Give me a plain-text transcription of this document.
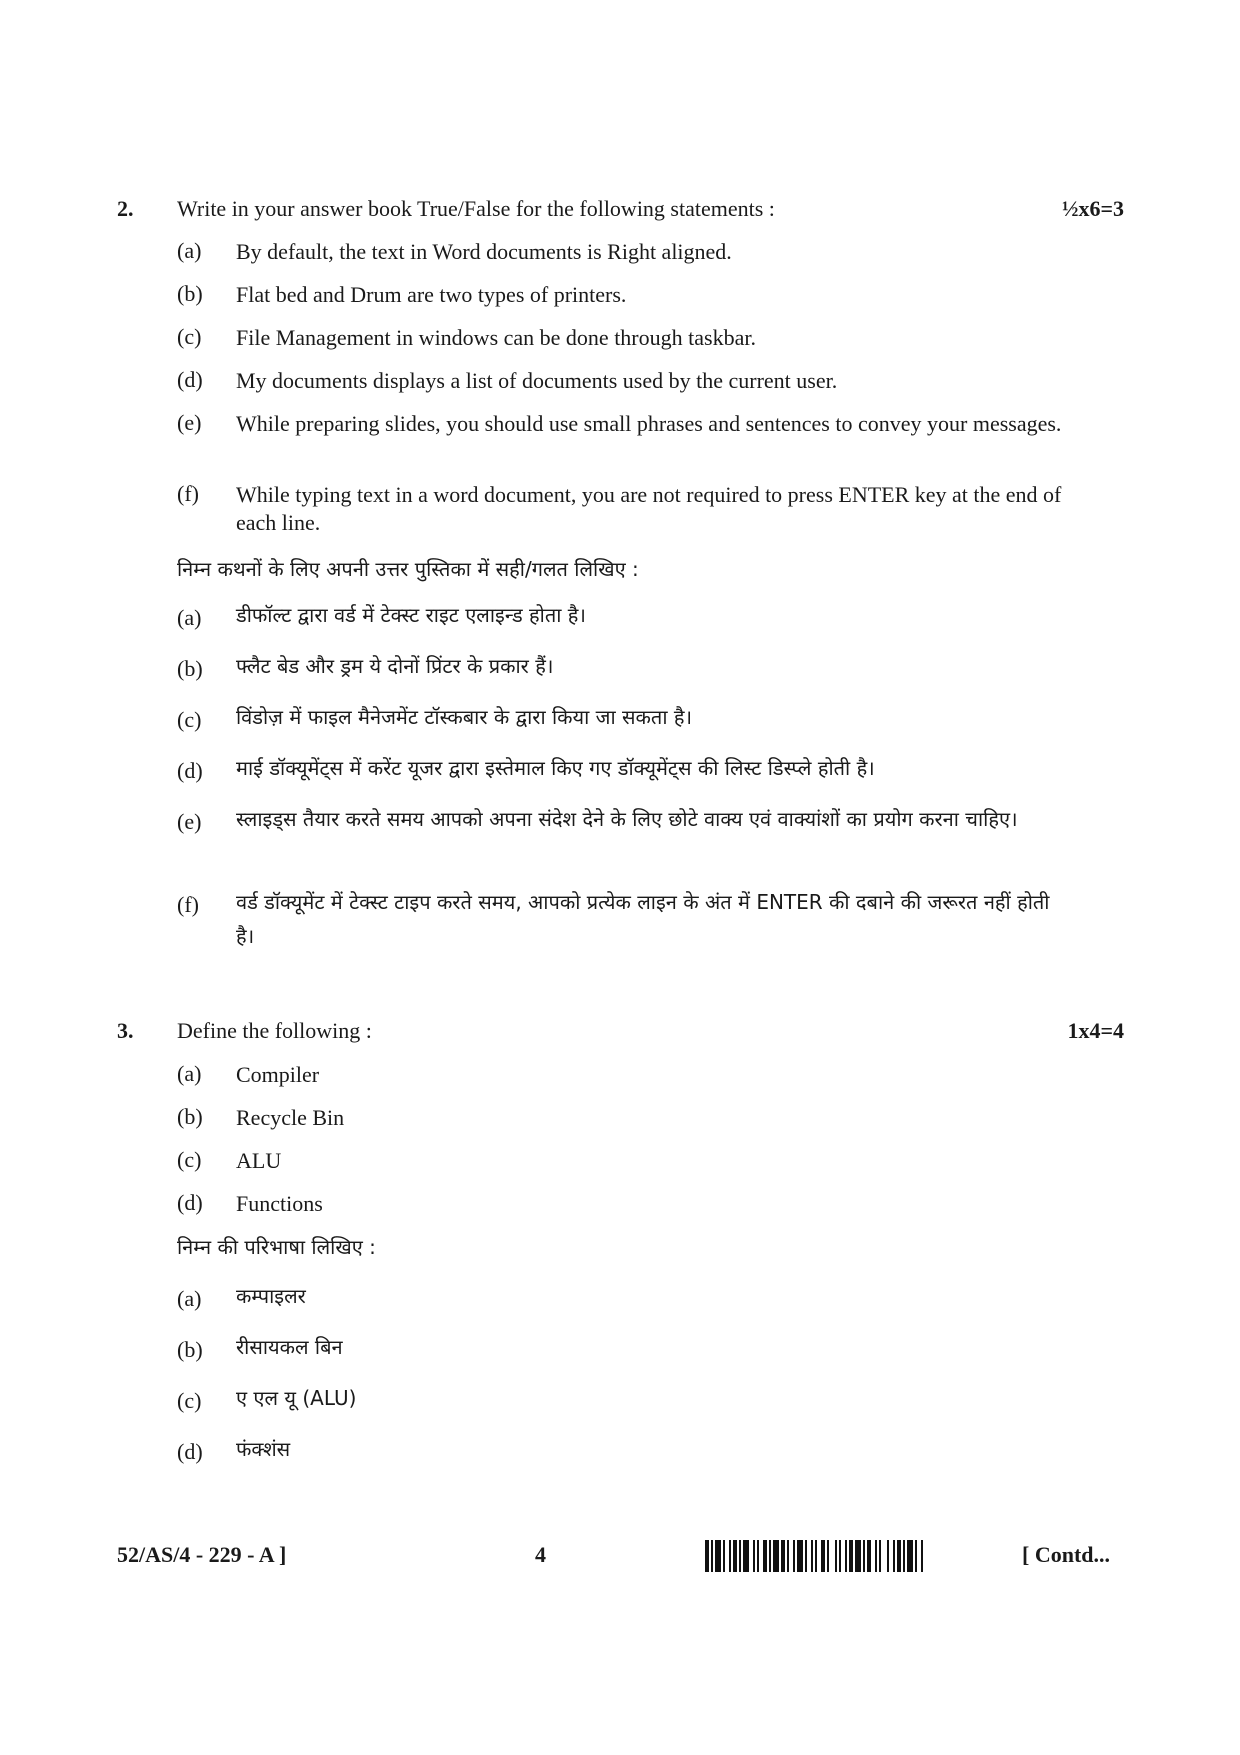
2. Write in your answer book True/False for the following statements :	½x6=3
(a) By default, the text in Word documents is Right aligned.
(b) Flat bed and Drum are two types of printers.
(c) File Management in windows can be done through taskbar.
(d) My documents displays a list of documents used by the current user.
(e) While preparing slides, you should use small phrases and sentences to convey your messages.
(f) While typing text in a word document, you are not required to press ENTER key at the end of each line.
निम्न कथनों के लिए अपनी उत्तर पुस्तिका में सही/गलत लिखिए :
(a) डीफॉल्ट द्वारा वर्ड में टेक्स्ट राइट एलाइन्ड होता है।
(b) फ्लैट बेड और ड्रम ये दोनों प्रिंटर के प्रकार हैं।
(c) विंडोज़ में फाइल मैनेजमेंट टॉस्कबार के द्वारा किया जा सकता है।
(d) माई डॉक्यूमेंट्स में करेंट यूजर द्वारा इस्तेमाल किए गए डॉक्यूमेंट्स की लिस्ट डिस्प्ले होती है।
(e) स्लाइड्स तैयार करते समय आपको अपना संदेश देने के लिए छोटे वाक्य एवं वाक्यांशों का प्रयोग करना चाहिए।
(f) वर्ड डॉक्यूमेंट में टेक्स्ट टाइप करते समय, आपको प्रत्येक लाइन के अंत में ENTER की दबाने की जरूरत नहीं होती है।
3. Define the following :	1x4=4
(a) Compiler
(b) Recycle Bin
(c) ALU
(d) Functions
निम्न की परिभाषा लिखिए :
(a) कम्पाइलर
(b) रीसायकल बिन
(c) ए एल यू (ALU)
(d) फंक्शंस
52/AS/4 - 229 - A ]	4	[ Contd...
